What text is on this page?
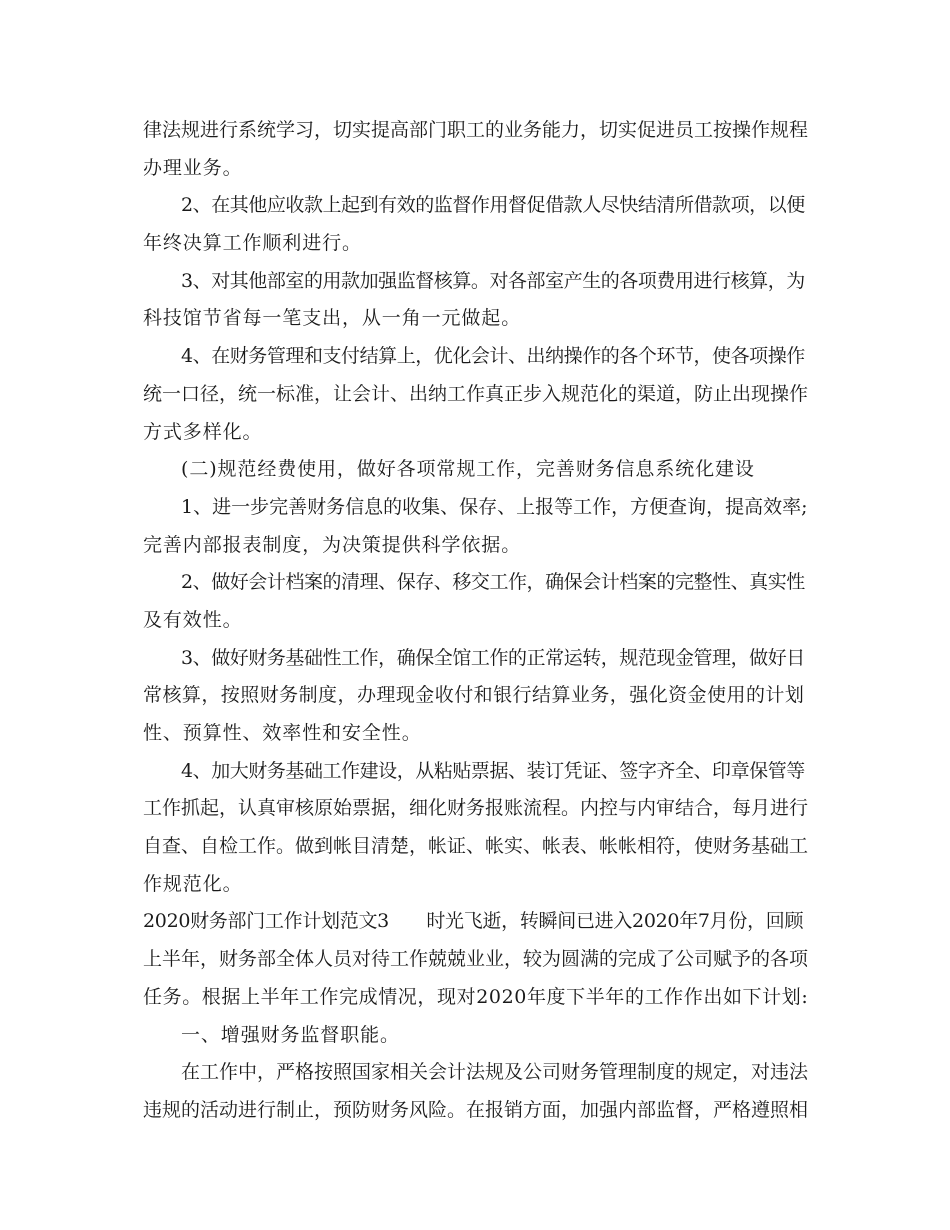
律法规进行系统学习，切实提高部门职工的业务能力，切实促进员工按操作规程
办理业务。
2、在其他应收款上起到有效的监督作用督促借款人尽快结清所借款项，以便
年终决算工作顺利进行。
3、对其他部室的用款加强监督核算。对各部室产生的各项费用进行核算，为
科技馆节省每一笔支出，从一角一元做起。
4、在财务管理和支付结算上，优化会计、出纳操作的各个环节，使各项操作
统一口径，统一标准，让会计、出纳工作真正步入规范化的渠道，防止出现操作
方式多样化。
(二)规范经费使用，做好各项常规工作，完善财务信息系统化建设
1、进一步完善财务信息的收集、保存、上报等工作，方便查询，提高效率;
完善内部报表制度，为决策提供科学依据。
2、做好会计档案的清理、保存、移交工作，确保会计档案的完整性、真实性
及有效性。
3、做好财务基础性工作，确保全馆工作的正常运转，规范现金管理，做好日
常核算，按照财务制度，办理现金收付和银行结算业务，强化资金使用的计划
性、预算性、效率性和安全性。
4、加大财务基础工作建设，从粘贴票据、装订凭证、签字齐全、印章保管等
工作抓起，认真审核原始票据，细化财务报账流程。内控与内审结合，每月进行
自查、自检工作。做到帐目清楚，帐证、帐实、帐表、帐帐相符，使财务基础工
作规范化。
2020财务部门工作计划范文3　　时光飞逝，转瞬间已进入2020年7月份，回顾
上半年，财务部全体人员对待工作兢兢业业，较为圆满的完成了公司赋予的各项
任务。根据上半年工作完成情况，现对2020年度下半年的工作作出如下计划:
一、增强财务监督职能。
在工作中，严格按照国家相关会计法规及公司财务管理制度的规定，对违法
违规的活动进行制止，预防财务风险。在报销方面，加强内部监督，严格遵照相
